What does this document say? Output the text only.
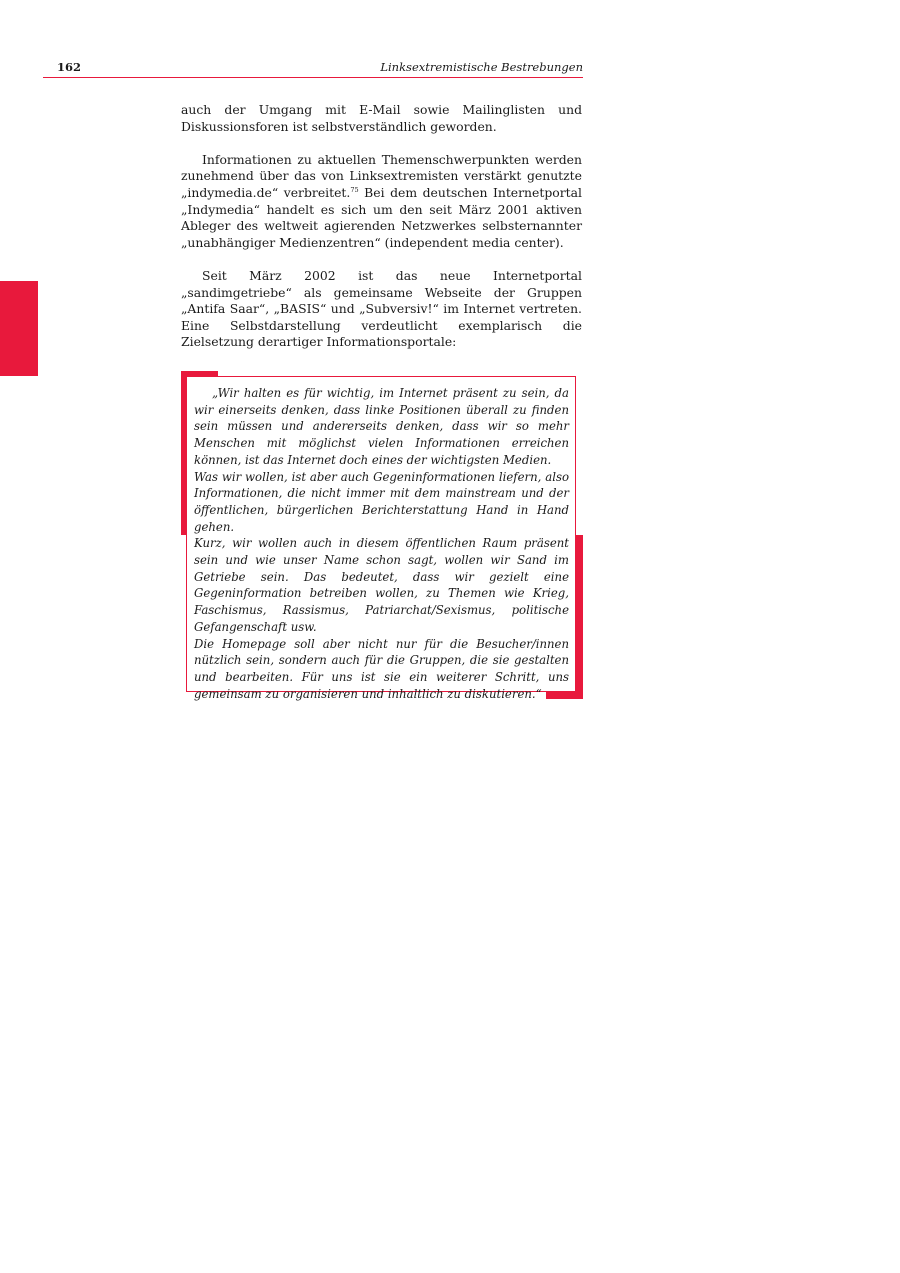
162	Linksextremistische Bestrebungen

auch der Umgang mit E-Mail sowie Mailinglisten und Diskussionsforen ist selbstverständlich geworden.

Informationen zu aktuellen Themenschwerpunkten werden zunehmend über das von Linksextremisten verstärkt genutzte „indymedia.de“ verbreitet.$^{75}$ Bei dem deutschen Internetportal „Indymedia“ handelt es sich um den seit März 2001 aktiven Ableger des weltweit agierenden Netzwerkes selbsternannter „unabhängiger Medienzentren“ (independent media center).

Seit März 2002 ist das neue Internetportal „sandimgetriebe“ als gemeinsame Webseite der Gruppen „Antifa Saar“, „BASIS“ und „Subversiv!“ im Internet vertreten. Eine Selbstdarstellung verdeutlicht exemplarisch die Zielsetzung derartiger Informationsportale:

„Wir halten es für wichtig, im Internet präsent zu sein, da wir einerseits denken, dass linke Positionen überall zu finden sein müssen und andererseits denken, dass wir so mehr Menschen mit möglichst vielen Informationen erreichen können, ist das Internet doch eines der wichtigsten Medien.

Was wir wollen, ist aber auch Gegeninformationen liefern, also Informationen, die nicht immer mit dem mainstream und der öffentlichen, bürgerlichen Berichterstattung Hand in Hand gehen.

Kurz, wir wollen auch in diesem öffentlichen Raum präsent sein und wie unser Name schon sagt, wollen wir Sand im Getriebe sein. Das bedeutet, dass wir gezielt eine Gegeninformation betreiben wollen, zu Themen wie Krieg, Faschismus, Rassismus, Patriarchat/Sexismus, politische Gefangenschaft usw.

Die Homepage soll aber nicht nur für die Besucher/innen nützlich sein, sondern auch für die Gruppen, die sie gestalten und bearbeiten. Für uns ist sie ein weiterer Schritt, uns gemeinsam zu organisieren und inhaltlich zu diskutieren.“
